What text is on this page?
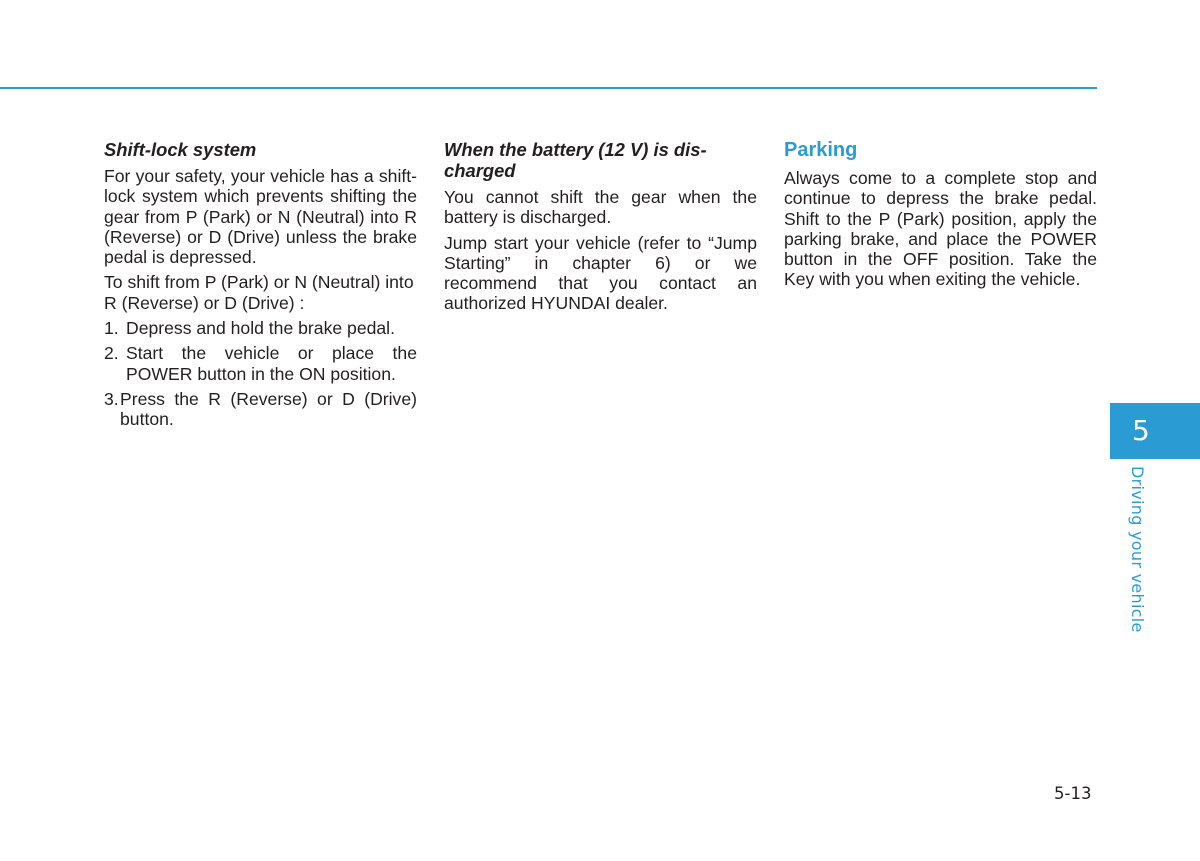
Shift-lock system

For your safety, your vehicle has a shift-lock system which prevents shifting the gear from P (Park) or N (Neutral) into R (Reverse) or D (Drive) unless the brake pedal is depressed.

To shift from P (Park) or N (Neutral) into R (Reverse) or D (Drive) :

1. Depress and hold the brake pedal.
2. Start the vehicle or place the POWER button in the ON position.
3. Press the R (Reverse) or D (Drive) button.
When the battery (12 V) is dis-charged

You cannot shift the gear when the battery is discharged.

Jump start your vehicle (refer to “Jump Starting” in chapter 6) or we recommend that you contact an authorized HYUNDAI dealer.

Parking

Always come to a complete stop and continue to depress the brake pedal. Shift to the P (Park) position, apply the parking brake, and place the POWER button in the OFF position. Take the Key with you when exiting the vehicle.

5
Driving your vehicle
5-13
